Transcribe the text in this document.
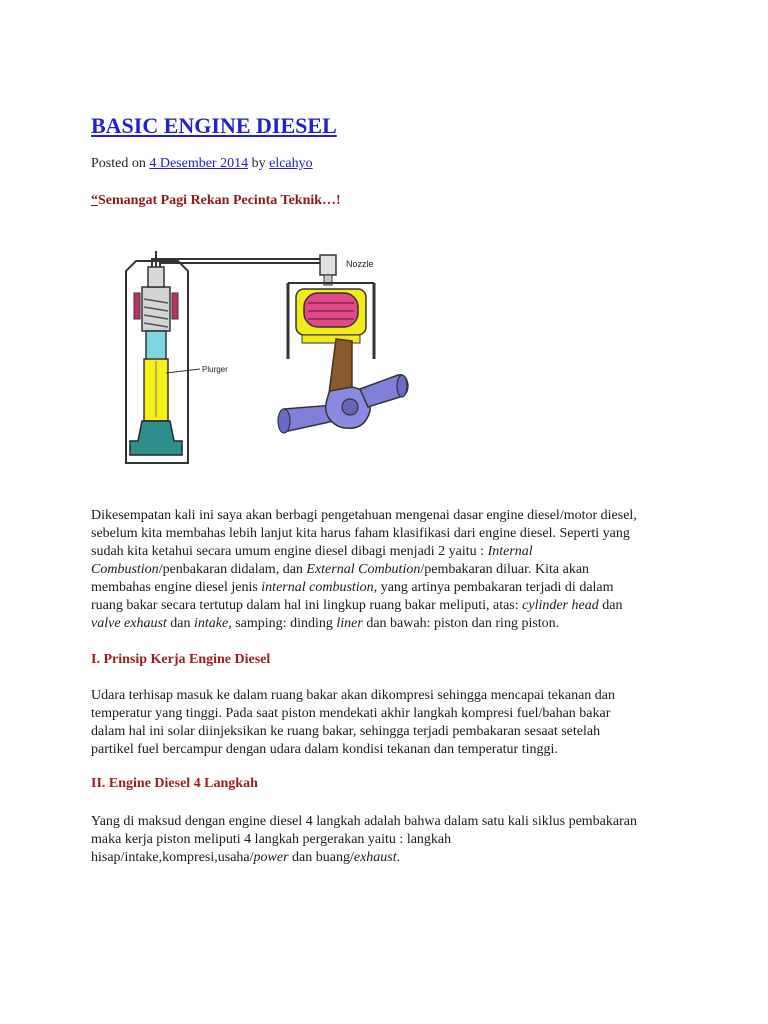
BASIC ENGINE DIESEL
Posted on 4 Desember 2014 by elcahyo
“Semangat Pagi Rekan Pecinta Teknik…!
Plurger
Nozzle
Dikesempatan kali ini saya akan berbagi pengetahuan mengenai dasar engine diesel/motor diesel,
sebelum kita membahas lebih lanjut kita harus faham klasifikasi dari engine diesel. Seperti yang
sudah kita ketahui secara umum engine diesel dibagi menjadi 2 yaitu : Internal
Combustion/penbakaran didalam, dan External Combution/pembakaran diluar. Kita akan
membahas engine diesel jenis internal combustion, yang artinya pembakaran terjadi di dalam
ruang bakar secara tertutup dalam hal ini lingkup ruang bakar meliputi, atas: cylinder head dan
valve exhaust dan intake, samping: dinding liner dan bawah: piston dan ring piston.
I. Prinsip Kerja Engine Diesel
Udara terhisap masuk ke dalam ruang bakar akan dikompresi sehingga mencapai tekanan dan
temperatur yang tinggi. Pada saat piston mendekati akhir langkah kompresi fuel/bahan bakar
dalam hal ini solar diinjeksikan ke ruang bakar, sehingga terjadi pembakaran sesaat setelah
partikel fuel bercampur dengan udara dalam kondisi tekanan dan temperatur tinggi.
II. Engine Diesel 4 Langkah
Yang di maksud dengan engine diesel 4 langkah adalah bahwa dalam satu kali siklus pembakaran
maka kerja piston meliputi 4 langkah pergerakan yaitu : langkah
hisap/intake,kompresi,usaha/power dan buang/exhaust.
